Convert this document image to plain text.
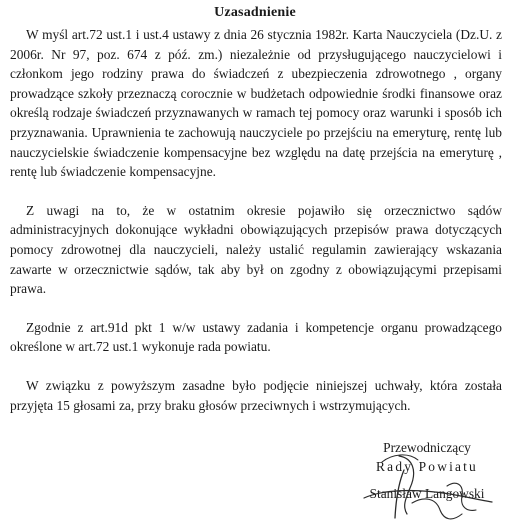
Uzasadnienie

W myśl art.72 ust.1 i ust.4 ustawy z dnia 26 stycznia 1982r. Karta Nauczyciela (Dz.U. z 2006r. Nr 97, poz. 674 z póź. zm.) niezależnie od przysługującego nauczycielowi i członkom jego rodziny prawa do świadczeń z ubezpieczenia zdrowotnego , organy prowadzące szkoły przeznaczą corocznie w budżetach odpowiednie środki finansowe oraz określą rodzaje świadczeń przyznawanych w ramach tej pomocy oraz warunki i sposób ich przyznawania. Uprawnienia te zachowują nauczyciele po przejściu na emeryturę, rentę lub nauczycielskie świadczenie kompensacyjne bez względu na datę przejścia na emeryturę , rentę lub świadczenie kompensacyjne.

Z uwagi na to, że w ostatnim okresie pojawiło się orzecznictwo sądów administracyjnych dokonujące wykładni obowiązujących przepisów prawa dotyczących pomocy zdrowotnej dla nauczycieli, należy ustalić regulamin zawierający wskazania zawarte w orzecznictwie sądów, tak aby był on zgodny z obowiązującymi przepisami prawa.

Zgodnie z art.91d pkt 1 w/w ustawy zadania i kompetencje organu prowadzącego określone w art.72 ust.1 wykonuje rada powiatu.

W związku z powyższym zasadne było podjęcie niniejszej uchwały, która została przyjęta 15 głosami za, przy braku głosów przeciwnych i wstrzymujących.

Przewodniczący
Rady Powiatu
Stanisław Langowski
